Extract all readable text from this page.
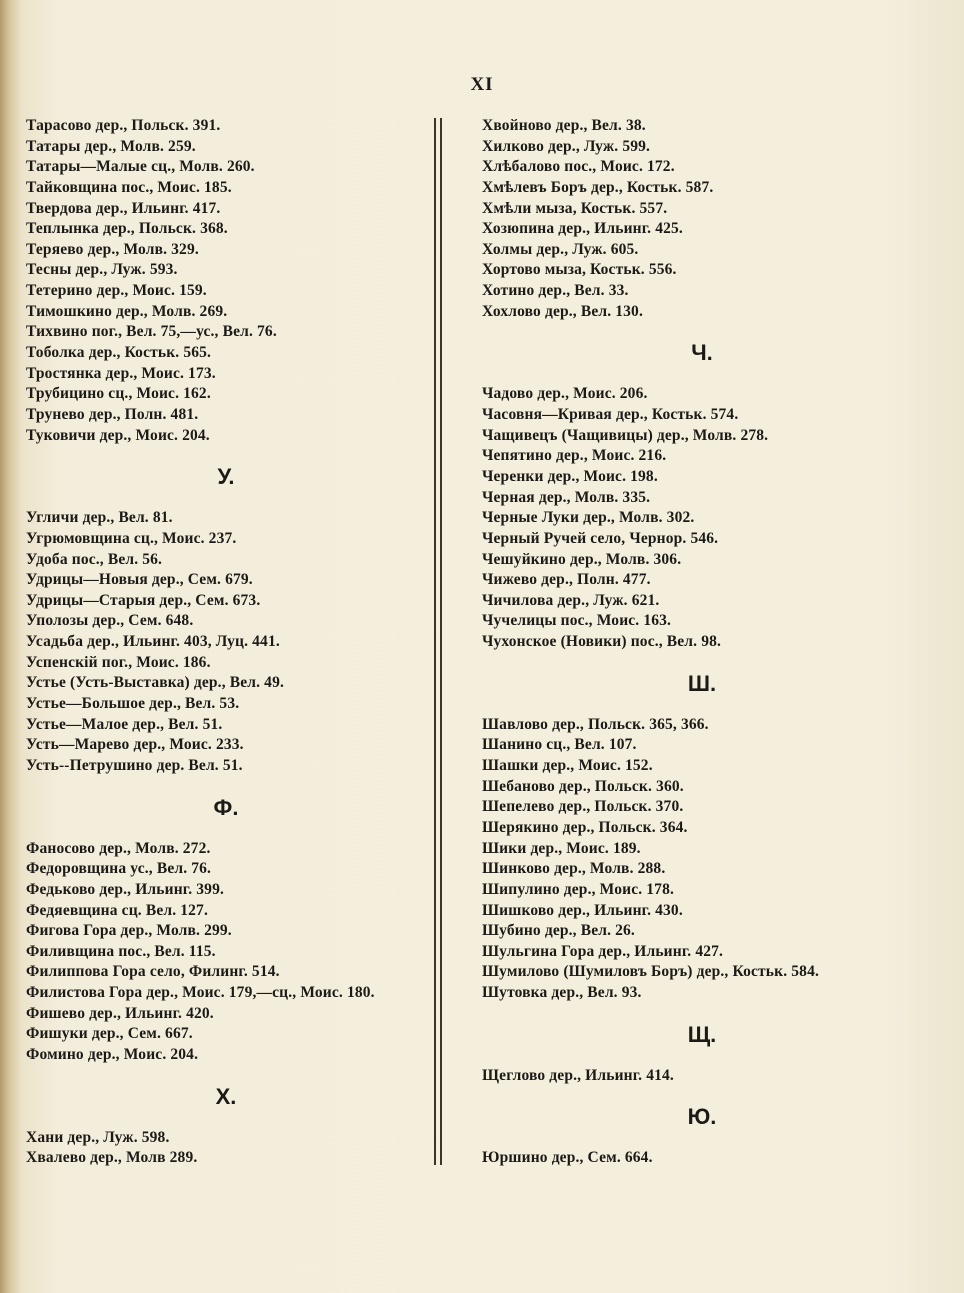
XI
Тарасово дер., Польск. 391.
Татары дер., Молв. 259.
Татары—Малые сц., Молв. 260.
Тайковщина пос., Моис. 185.
Твердова дер., Ильинг. 417.
Теплынка дер., Польск. 368.
Теряево дер., Молв. 329.
Тесны дер., Луж. 593.
Тетерино дер., Моис. 159.
Тимошкино дер., Молв. 269.
Тихвино пог., Вел. 75,—ус., Вел. 76.
Тоболка дер., Костьк. 565.
Тростянка дер., Моис. 173.
Трубицино сц., Моис. 162.
Трунево дер., Полн. 481.
Туковичи дер., Моис. 204.
У.
Угличи дер., Вел. 81.
Угрюмовщина сц., Моис. 237.
Удоба пос., Вел. 56.
Удрицы—Новыя дер., Сем. 679.
Удрицы—Старыя дер., Сем. 673.
Уполозы дер., Сем. 648.
Усадьба дер., Ильинг. 403, Луц. 441.
Успенскій пог., Моис. 186.
Устье (Усть-Выставка) дер., Вел. 49.
Устье—Большое дер., Вел. 53.
Устье—Малое дер., Вел. 51.
Усть—Марево дер., Моис. 233.
Усть--Петрушино дер. Вел. 51.
Ф.
Фаносово дер., Молв. 272.
Федоровщина ус., Вел. 76.
Федьково дер., Ильинг. 399.
Федяевщина сц. Вел. 127.
Фигова Гора дер., Молв. 299.
Филивщина пос., Вел. 115.
Филиппова Гора село, Филинг. 514.
Филистова Гора дер., Моис. 179,—сц., Моис. 180.
Фишево дер., Ильинг. 420.
Фишуки дер., Сем. 667.
Фомино дер., Моис. 204.
Х.
Хани дер., Луж. 598.
Хвалево дер., Молв 289.
Хвойново дер., Вел. 38.
Хилково дер., Луж. 599.
Хлѣбалово пос., Моис. 172.
Хмѣлевъ Боръ дер., Костьк. 587.
Хмѣли мыза, Костьк. 557.
Хозюпина дер., Ильинг. 425.
Холмы дер., Луж. 605.
Хортово мыза, Костьк. 556.
Хотино дер., Вел. 33.
Хохлово дер., Вел. 130.
Ч.
Чадово дер., Моис. 206.
Часовня—Кривая дер., Костьк. 574.
Чащивецъ (Чащивицы) дер., Молв. 278.
Чепятино дер., Моис. 216.
Черенки дер., Моис. 198.
Черная дер., Молв. 335.
Черные Луки дер., Молв. 302.
Черный Ручей село, Чернор. 546.
Чешуйкино дер., Молв. 306.
Чижево дер., Полн. 477.
Чичилова дер., Луж. 621.
Чучелицы пос., Моис. 163.
Чухонское (Новики) пос., Вел. 98.
Ш.
Шавлово дер., Польск. 365, 366.
Шанино сц., Вел. 107.
Шашки дер., Моис. 152.
Шебаново дер., Польск. 360.
Шепелево дер., Польск. 370.
Шерякино дер., Польск. 364.
Шики дер., Моис. 189.
Шинково дер., Молв. 288.
Шипулино дер., Моис. 178.
Шишково дер., Ильинг. 430.
Шубино дер., Вел. 26.
Шульгина Гора дер., Ильинг. 427.
Шумилово (Шумиловъ Боръ) дер., Костьк. 584.
Шутовка дер., Вел. 93.
Щ.
Щеглово дер., Ильинг. 414.
Ю.
Юршино дер., Сем. 664.
